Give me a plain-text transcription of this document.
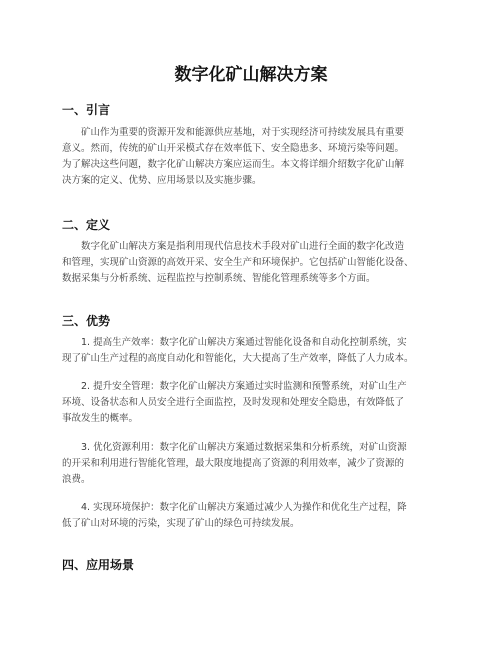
数字化矿山解决方案
一、引言
矿山作为重要的资源开发和能源供应基地，对于实现经济可持续发展具有重要
意义。然而，传统的矿山开采模式存在效率低下、安全隐患多、环境污染等问题。
为了解决这些问题，数字化矿山解决方案应运而生。本文将详细介绍数字化矿山解
决方案的定义、优势、应用场景以及实施步骤。
二、定义
数字化矿山解决方案是指利用现代信息技术手段对矿山进行全面的数字化改造
和管理，实现矿山资源的高效开采、安全生产和环境保护。它包括矿山智能化设备、
数据采集与分析系统、远程监控与控制系统、智能化管理系统等多个方面。
三、优势
1. 提高生产效率：数字化矿山解决方案通过智能化设备和自动化控制系统，实
现了矿山生产过程的高度自动化和智能化，大大提高了生产效率，降低了人力成本。
2. 提升安全管理：数字化矿山解决方案通过实时监测和预警系统，对矿山生产
环境、设备状态和人员安全进行全面监控，及时发现和处理安全隐患，有效降低了
事故发生的概率。
3. 优化资源利用：数字化矿山解决方案通过数据采集和分析系统，对矿山资源
的开采和利用进行智能化管理，最大限度地提高了资源的利用效率，减少了资源的
浪费。
4. 实现环境保护：数字化矿山解决方案通过减少人为操作和优化生产过程，降
低了矿山对环境的污染，实现了矿山的绿色可持续发展。
四、应用场景
